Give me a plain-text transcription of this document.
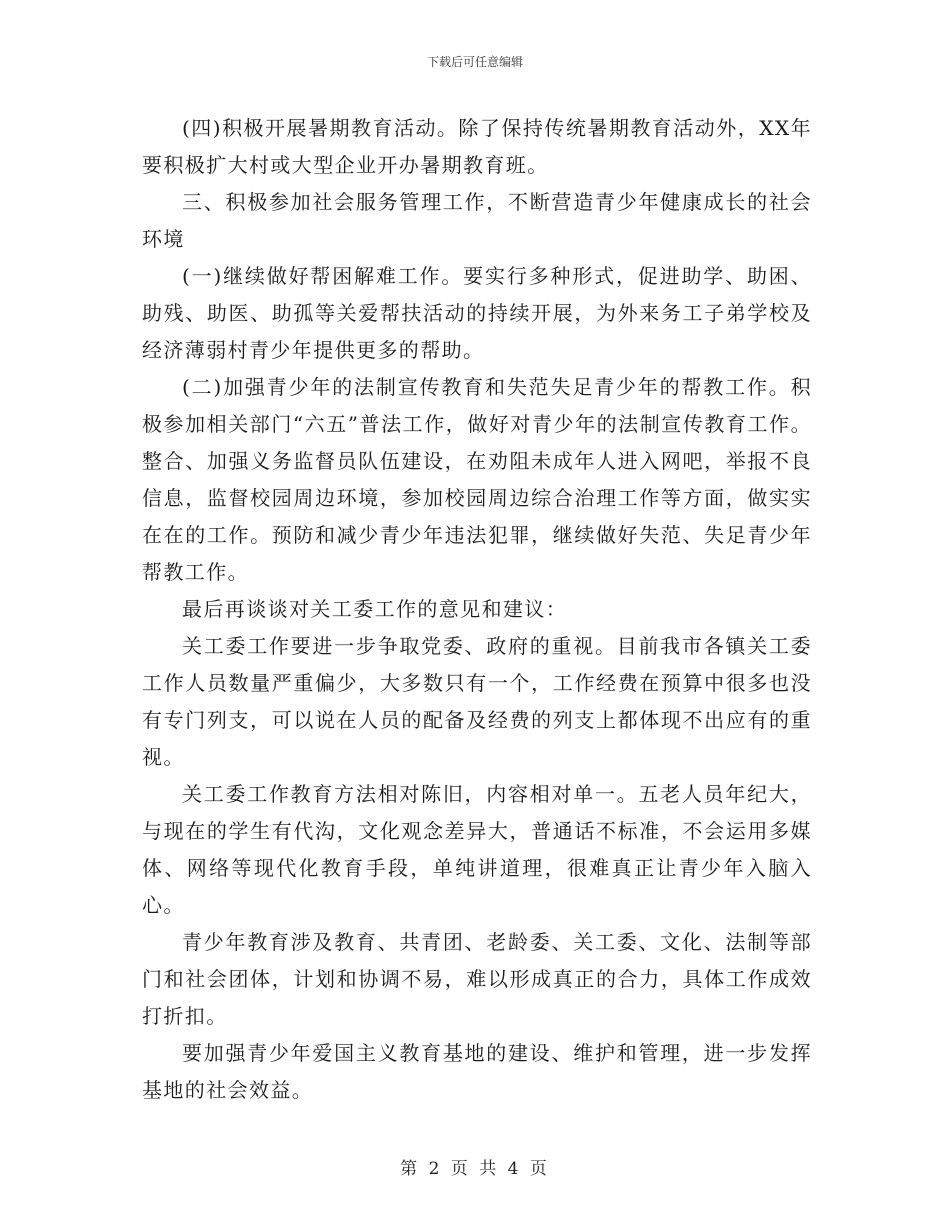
下载后可任意编辑

(四)积极开展暑期教育活动。除了保持传统暑期教育活动外，XX年要积极扩大村或大型企业开办暑期教育班。

三、积极参加社会服务管理工作，不断营造青少年健康成长的社会环境

(一)继续做好帮困解难工作。要实行多种形式，促进助学、助困、助残、助医、助孤等关爱帮扶活动的持续开展，为外来务工子弟学校及经济薄弱村青少年提供更多的帮助。

(二)加强青少年的法制宣传教育和失范失足青少年的帮教工作。积极参加相关部门“六五”普法工作，做好对青少年的法制宣传教育工作。整合、加强义务监督员队伍建设，在劝阻未成年人进入网吧，举报不良信息，监督校园周边环境，参加校园周边综合治理工作等方面，做实实在在的工作。预防和减少青少年违法犯罪，继续做好失范、失足青少年帮教工作。

最后再谈谈对关工委工作的意见和建议：

关工委工作要进一步争取党委、政府的重视。目前我市各镇关工委工作人员数量严重偏少，大多数只有一个，工作经费在预算中很多也没有专门列支，可以说在人员的配备及经费的列支上都体现不出应有的重视。

关工委工作教育方法相对陈旧，内容相对单一。五老人员年纪大，与现在的学生有代沟，文化观念差异大，普通话不标准，不会运用多媒体、网络等现代化教育手段，单纯讲道理，很难真正让青少年入脑入心。

青少年教育涉及教育、共青团、老龄委、关工委、文化、法制等部门和社会团体，计划和协调不易，难以形成真正的合力，具体工作成效打折扣。

要加强青少年爱国主义教育基地的建设、维护和管理，进一步发挥基地的社会效益。

第 2 页 共 4 页
